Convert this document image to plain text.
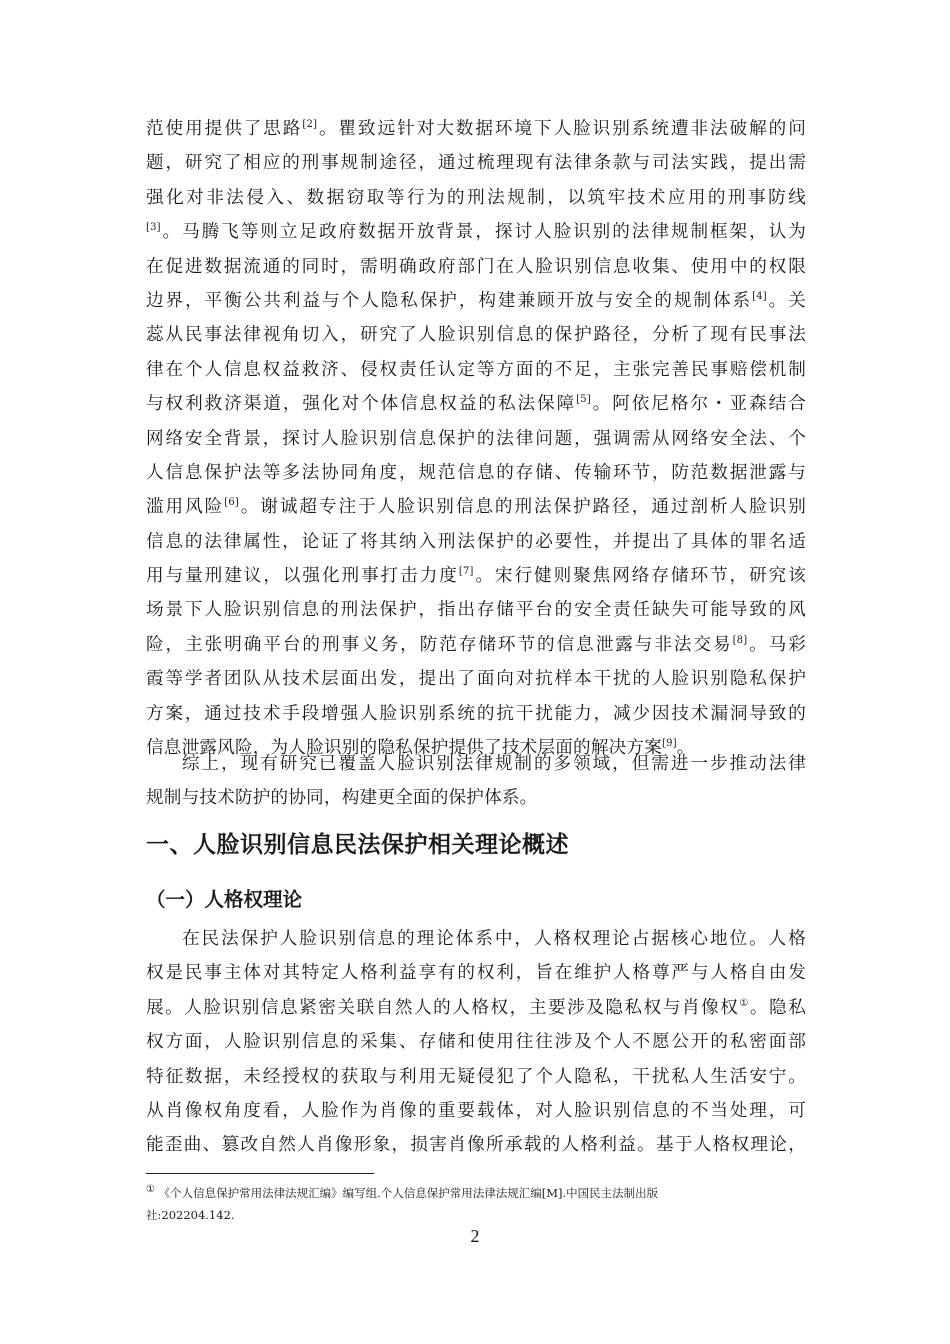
范使用提供了思路[2]。瞿致远针对大数据环境下人脸识别系统遭非法破解的问
题，研究了相应的刑事规制途径，通过梳理现有法律条款与司法实践，提出需
强化对非法侵入、数据窃取等行为的刑法规制，以筑牢技术应用的刑事防线
[3]。马腾飞等则立足政府数据开放背景，探讨人脸识别的法律规制框架，认为
在促进数据流通的同时，需明确政府部门在人脸识别信息收集、使用中的权限
边界，平衡公共利益与个人隐私保护，构建兼顾开放与安全的规制体系[4]。关
蕊从民事法律视角切入，研究了人脸识别信息的保护路径，分析了现有民事法
律在个人信息权益救济、侵权责任认定等方面的不足，主张完善民事赔偿机制
与权利救济渠道，强化对个体信息权益的私法保障[5]。阿依尼格尔・亚森结合
网络安全背景，探讨人脸识别信息保护的法律问题，强调需从网络安全法、个
人信息保护法等多法协同角度，规范信息的存储、传输环节，防范数据泄露与
滥用风险[6]。谢诚超专注于人脸识别信息的刑法保护路径，通过剖析人脸识别
信息的法律属性，论证了将其纳入刑法保护的必要性，并提出了具体的罪名适
用与量刑建议，以强化刑事打击力度[7]。宋行健则聚焦网络存储环节，研究该
场景下人脸识别信息的刑法保护，指出存储平台的安全责任缺失可能导致的风
险，主张明确平台的刑事义务，防范存储环节的信息泄露与非法交易[8]。马彩
霞等学者团队从技术层面出发，提出了面向对抗样本干扰的人脸识别隐私保护
方案，通过技术手段增强人脸识别系统的抗干扰能力，减少因技术漏洞导致的
信息泄露风险，为人脸识别的隐私保护提供了技术层面的解决方案[9]。
综上，现有研究已覆盖人脸识别法律规制的多领域，但需进一步推动法律
规制与技术防护的协同，构建更全面的保护体系。
一、人脸识别信息民法保护相关理论概述
（一）人格权理论
在民法保护人脸识别信息的理论体系中，人格权理论占据核心地位。人格
权是民事主体对其特定人格利益享有的权利，旨在维护人格尊严与人格自由发
展。人脸识别信息紧密关联自然人的人格权，主要涉及隐私权与肖像权①。隐私
权方面，人脸识别信息的采集、存储和使用往往涉及个人不愿公开的私密面部
特征数据，未经授权的获取与利用无疑侵犯了个人隐私，干扰私人生活安宁。
从肖像权角度看，人脸作为肖像的重要载体，对人脸识别信息的不当处理，可
能歪曲、篡改自然人肖像形象，损害肖像所承载的人格利益。基于人格权理论，
① 《个人信息保护常用法律法规汇编》编写组.个人信息保护常用法律法规汇编[M].中国民主法制出版
社:202204.142.
2
